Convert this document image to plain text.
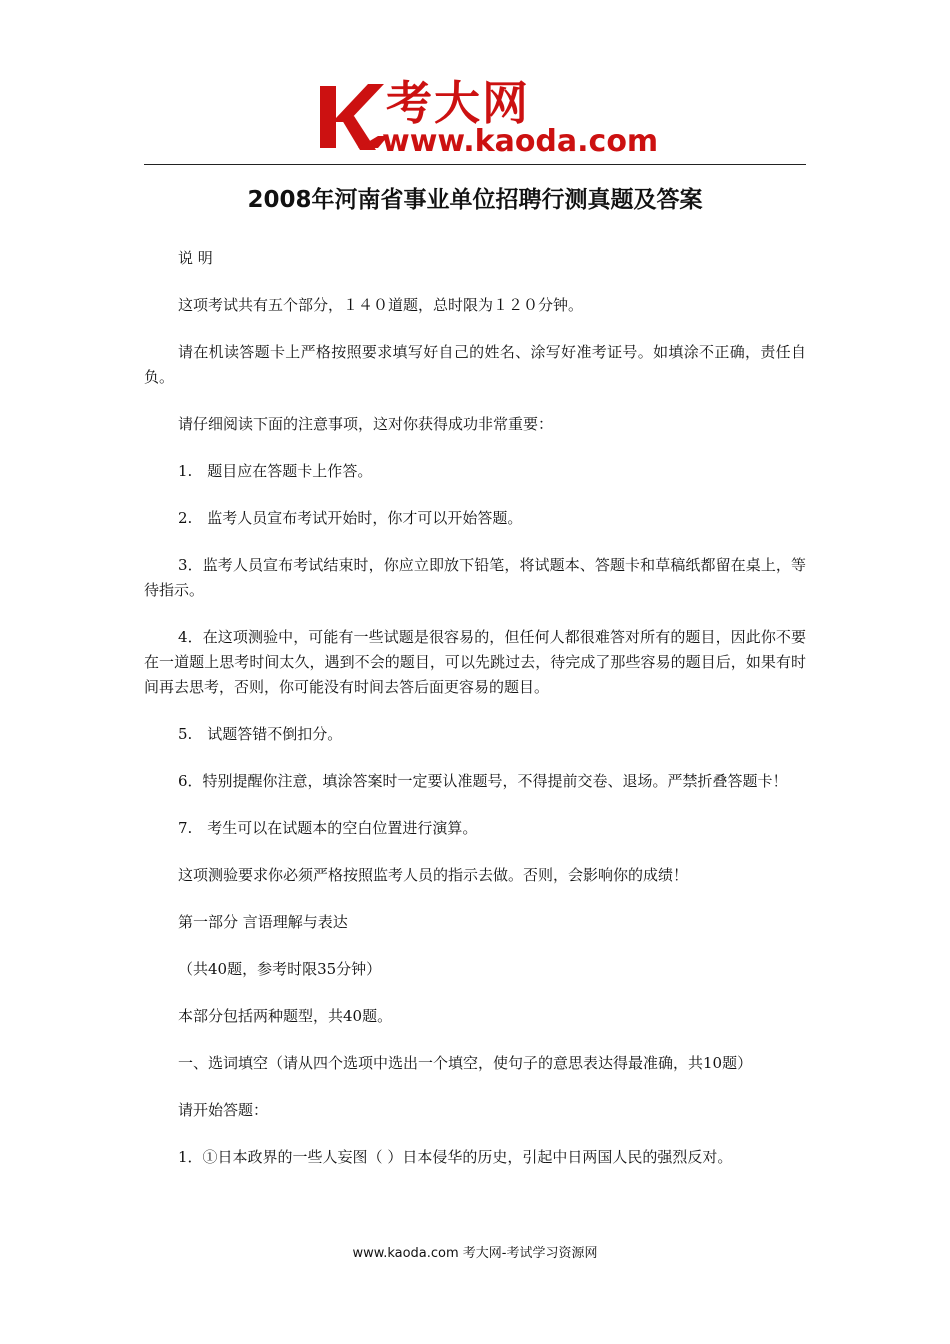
考大网
www.kaoda.com
2008年河南省事业单位招聘行测真题及答案

说 明

这项考试共有五个部分，１４０道题，总时限为１２０分钟。

请在机读答题卡上严格按照要求填写好自己的姓名、涂写好准考证号。如填涂不正确，责任自负。

请仔细阅读下面的注意事项，这对你获得成功非常重要：

1.　题目应在答题卡上作答。

2.　监考人员宣布考试开始时，你才可以开始答题。

3．监考人员宣布考试结束时，你应立即放下铅笔，将试题本、答题卡和草稿纸都留在桌上，等待指示。

4．在这项测验中，可能有一些试题是很容易的，但任何人都很难答对所有的题目，因此你不要在一道题上思考时间太久，遇到不会的题目，可以先跳过去，待完成了那些容易的题目后，如果有时间再去思考，否则，你可能没有时间去答后面更容易的题目。

5.　试题答错不倒扣分。

6．特别提醒你注意，填涂答案时一定要认准题号，不得提前交卷、退场。严禁折叠答题卡！

7.　考生可以在试题本的空白位置进行演算。

这项测验要求你必须严格按照监考人员的指示去做。否则，会影响你的成绩！

第一部分 言语理解与表达

（共40题，参考时限35分钟）

本部分包括两种题型，共40题。

一、选词填空（请从四个选项中选出一个填空，使句子的意思表达得最准确，共10题）

请开始答题：

1．①日本政界的一些人妄图（ ）日本侵华的历史，引起中日两国人民的强烈反对。

www.kaoda.com 考大网-考试学习资源网
